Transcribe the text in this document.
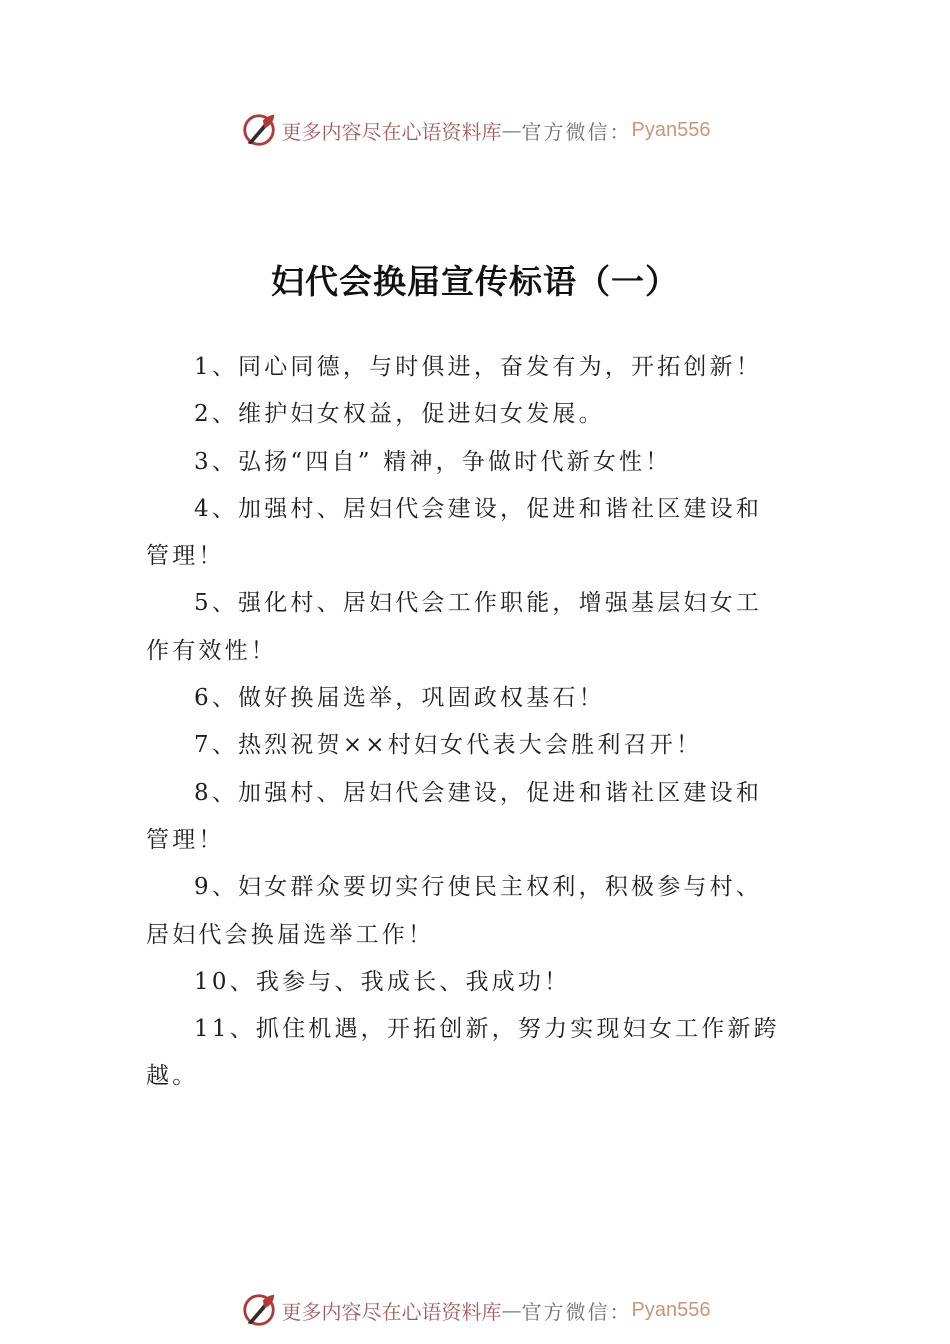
更多内容尽在心语资料库 — 官方微信： Pyan556
妇代会换届宣传标语（一）

1、同心同德，与时俱进，奋发有为，开拓创新！

2、维护妇女权益，促进妇女发展。

3、弘扬“四自” 精神，争做时代新女性！

4、加强村、居妇代会建设，促进和谐社区建设和管理！

5、强化村、居妇代会工作职能，增强基层妇女工作有效性！

6、做好换届选举，巩固政权基石！

7、热烈祝贺××村妇女代表大会胜利召开！

8、加强村、居妇代会建设，促进和谐社区建设和管理！

9、妇女群众要切实行使民主权利，积极参与村、居妇代会换届选举工作！

10、我参与、我成长、我成功！

11、抓住机遇，开拓创新，努力实现妇女工作新跨越。

更多内容尽在心语资料库 — 官方微信： Pyan556
